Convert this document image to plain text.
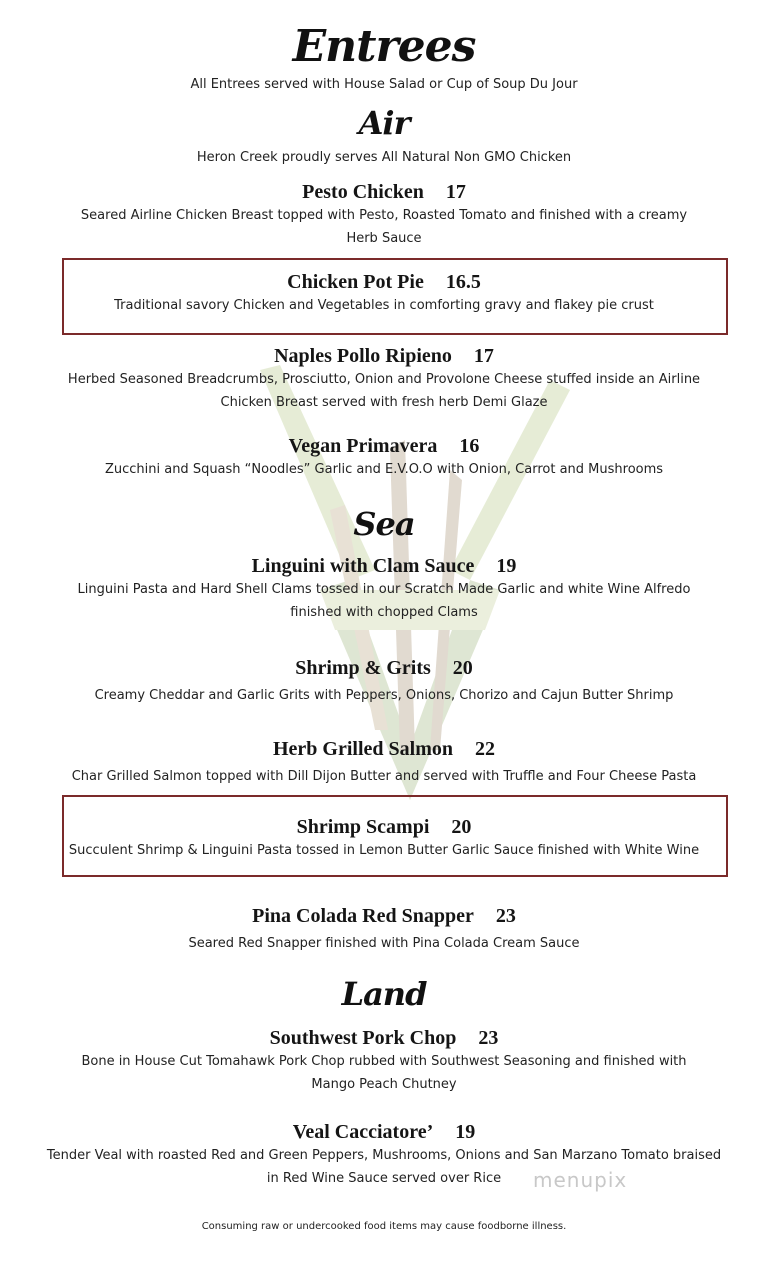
Entrees
All Entrees served with House Salad or Cup of Soup Du Jour
Air
Heron Creek proudly serves All Natural Non GMO Chicken
Pesto Chicken 17
Seared Airline Chicken Breast topped with Pesto, Roasted Tomato and finished with a creamy
Herb Sauce
Chicken Pot Pie 16.5
Traditional savory Chicken and Vegetables in comforting gravy and flakey pie crust
Naples Pollo Ripieno 17
Herbed Seasoned Breadcrumbs, Prosciutto, Onion and Provolone Cheese stuffed inside an Airline
Chicken Breast served with fresh herb Demi Glaze
Vegan Primavera 16
Zucchini and Squash “Noodles” Garlic and E.V.O.O with Onion, Carrot and Mushrooms
Sea
Linguini with Clam Sauce 19
Linguini Pasta and Hard Shell Clams tossed in our Scratch Made Garlic and white Wine Alfredo
finished with chopped Clams
Shrimp & Grits 20
Creamy Cheddar and Garlic Grits with Peppers, Onions, Chorizo and Cajun Butter Shrimp
Herb Grilled Salmon 22
Char Grilled Salmon topped with Dill Dijon Butter and served with Truffle and Four Cheese Pasta
Shrimp Scampi 20
Succulent Shrimp & Linguini Pasta tossed in Lemon Butter Garlic Sauce finished with White Wine
Pina Colada Red Snapper 23
Seared Red Snapper finished with Pina Colada Cream Sauce
Land
Southwest Pork Chop 23
Bone in House Cut Tomahawk Pork Chop rubbed with Southwest Seasoning and finished with
Mango Peach Chutney
Veal Cacciatore’ 19
Tender Veal with roasted Red and Green Peppers, Mushrooms, Onions and San Marzano Tomato braised
in Red Wine Sauce served over Rice	menupix
Consuming raw or undercooked food items may cause foodborne illness.
